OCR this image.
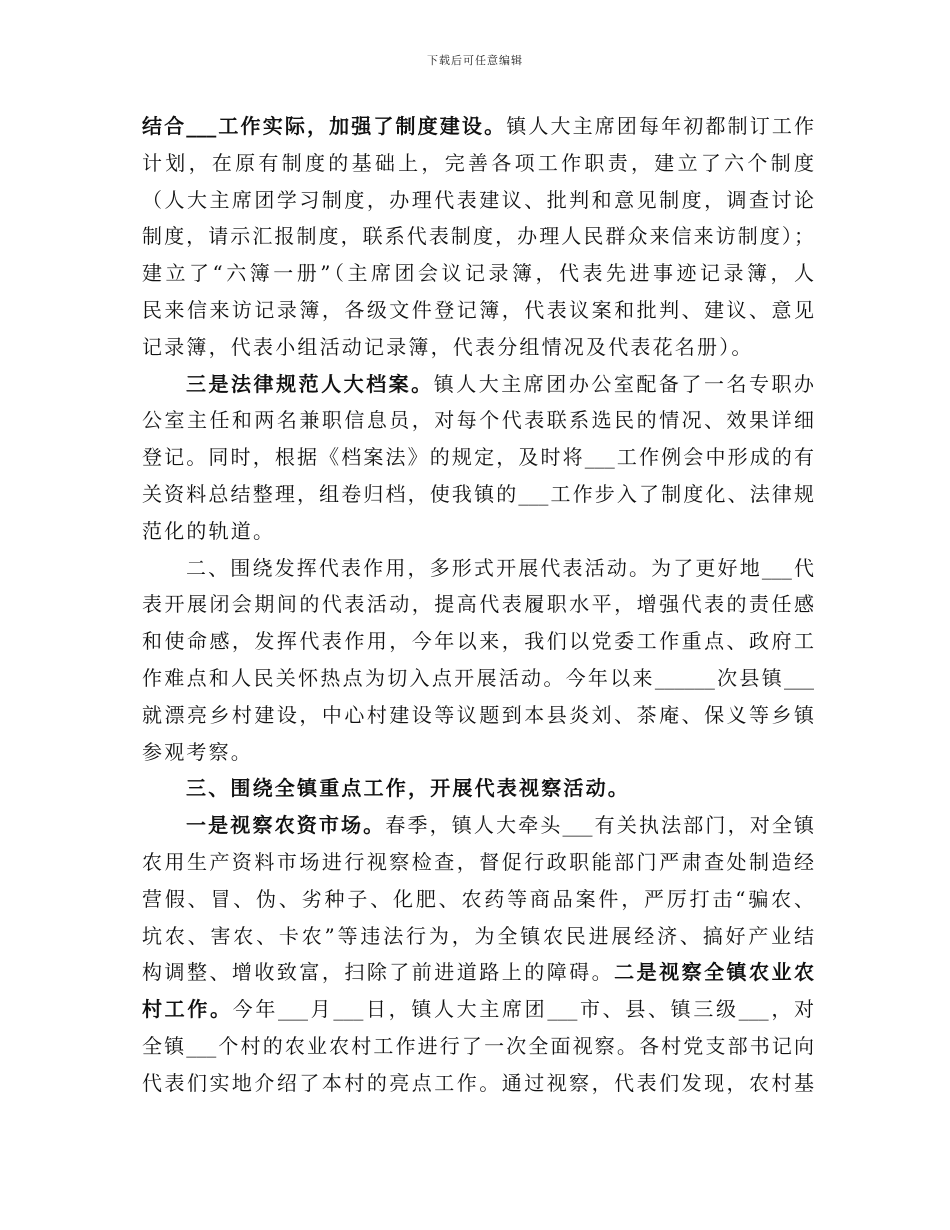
下载后可任意编辑

结合___工作实际，加强了制度建设。镇人大主席团每年初都制订工作

计划，在原有制度的基础上，完善各项工作职责，建立了六个制度

（人大主席团学习制度，办理代表建议、批判和意见制度，调查讨论

制度，请示汇报制度，联系代表制度，办理人民群众来信来访制度）；

建立了“六簿一册”（主席团会议记录簿，代表先进事迹记录簿，人

民来信来访记录簿，各级文件登记簿，代表议案和批判、建议、意见

记录簿，代表小组活动记录簿，代表分组情况及代表花名册）。

三是法律规范人大档案。镇人大主席团办公室配备了一名专职办

公室主任和两名兼职信息员，对每个代表联系选民的情况、效果详细

登记。同时，根据《档案法》的规定，及时将___工作例会中形成的有

关资料总结整理，组卷归档，使我镇的___工作步入了制度化、法律规

范化的轨道。

二、围绕发挥代表作用，多形式开展代表活动。为了更好地___代

表开展闭会期间的代表活动，提高代表履职水平，增强代表的责任感

和使命感，发挥代表作用，今年以来，我们以党委工作重点、政府工

作难点和人民关怀热点为切入点开展活动。今年以来______次县镇___

就漂亮乡村建设，中心村建设等议题到本县炎刘、茶庵、保义等乡镇

参观考察。

三、围绕全镇重点工作，开展代表视察活动。

一是视察农资市场。春季，镇人大牵头___有关执法部门，对全镇

农用生产资料市场进行视察检查，督促行政职能部门严肃查处制造经

营假、冒、伪、劣种子、化肥、农药等商品案件，严厉打击“骗农、

坑农、害农、卡农”等违法行为，为全镇农民进展经济、搞好产业结

构调整、增收致富，扫除了前进道路上的障碍。二是视察全镇农业农

村工作。今年___月___日，镇人大主席团___市、县、镇三级___，对

全镇___个村的农业农村工作进行了一次全面视察。各村党支部书记向

代表们实地介绍了本村的亮点工作。通过视察，代表们发现，农村基
